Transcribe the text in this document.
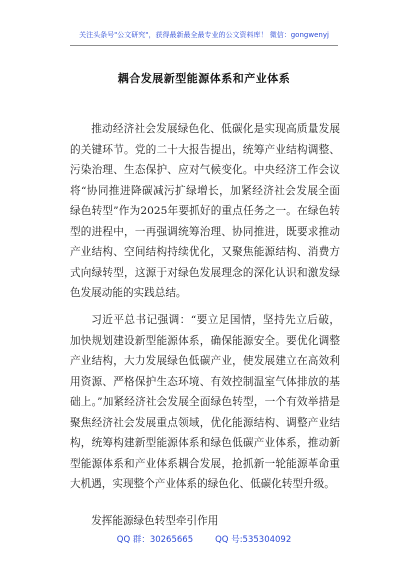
关注头条号"公文研究"，获得最新最全最专业的公文资料库！ 微信：gongwenyj
耦合发展新型能源体系和产业体系

推动经济社会发展绿色化、低碳化是实现高质量发展的关键环节。党的二十大报告提出，统筹产业结构调整、污染治理、生态保护、应对气候变化。中央经济工作会议将“协同推进降碳减污扩绿增长，加紧经济社会发展全面绿色转型”作为2025年要抓好的重点任务之一。在绿色转型的进程中，一再强调统筹治理、协同推进，既要求推动产业结构、空间结构持续优化，又聚焦能源结构、消费方式向绿转型，这源于对绿色发展理念的深化认识和激发绿色发展动能的实践总结。

习近平总书记强调：“要立足国情，坚持先立后破，加快规划建设新型能源体系，确保能源安全。要优化调整产业结构，大力发展绿色低碳产业，使发展建立在高效利用资源、严格保护生态环境、有效控制温室气体排放的基础上。”加紧经济社会发展全面绿色转型，一个有效举措是聚焦经济社会发展重点领域，优化能源结构、调整产业结构，统筹构建新型能源体系和绿色低碳产业体系，推动新型能源体系和产业体系耦合发展，抢抓新一轮能源革命重大机遇，实现整个产业体系的绿色化、低碳化转型升级。

发挥能源绿色转型牵引作用

QQ 群：30265665	QQ 号:535304092
